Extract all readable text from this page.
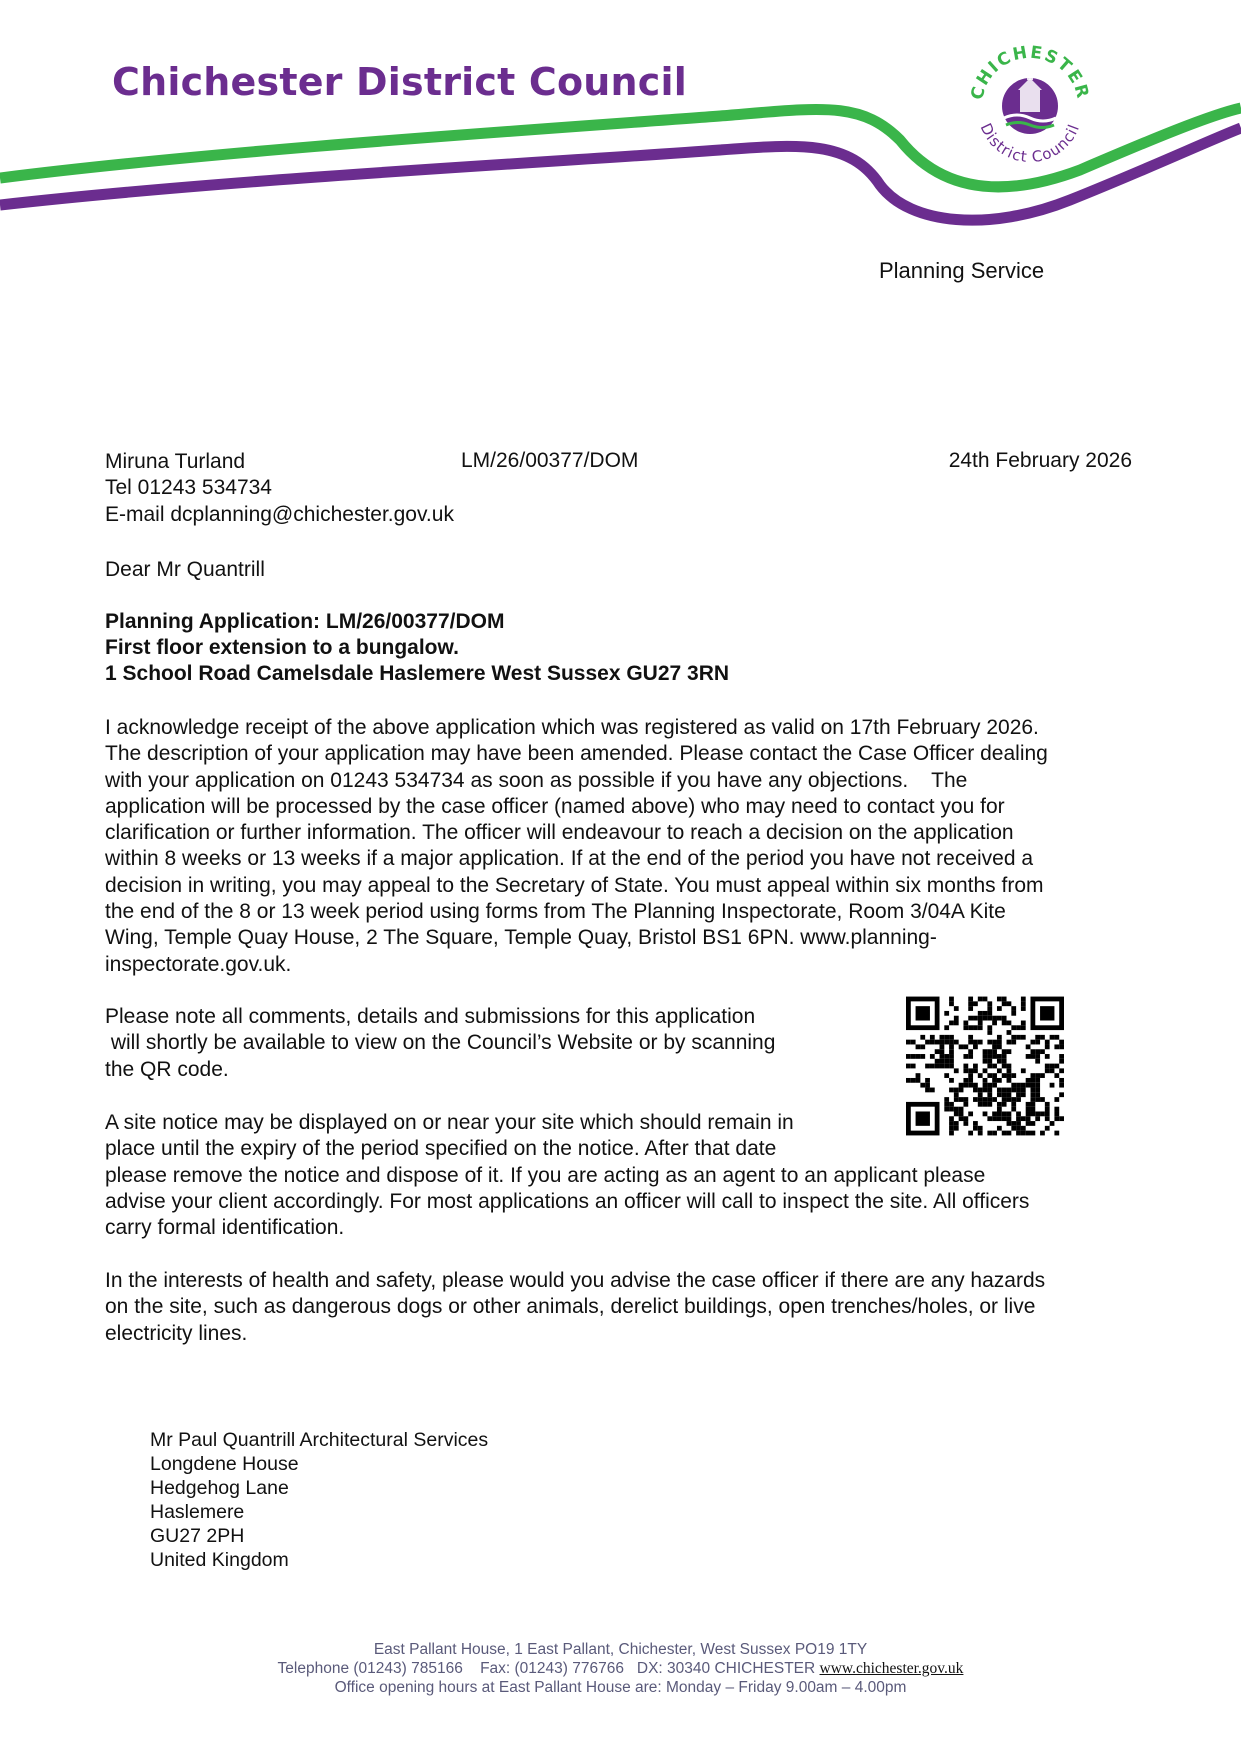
Chichester District Council	CHICHESTER
District Council
Planning Service
Miruna Turland	LM/26/00377/DOM	24th February 2026
Tel 01243 534734
E-mail dcplanning@chichester.gov.uk
Dear Mr Quantrill
Planning Application: LM/26/00377/DOM
First floor extension to a bungalow.
1 School Road Camelsdale Haslemere West Sussex GU27 3RN

I acknowledge receipt of the above application which was registered as valid on 17th February 2026.

The description of your application may have been amended. Please contact the Case Officer dealing

with your application on 01243 534734 as soon as possible if you have any objections.    The

application will be processed by the case officer (named above) who may need to contact you for

clarification or further information. The officer will endeavour to reach a decision on the application

within 8 weeks or 13 weeks if a major application. If at the end of the period you have not received a

decision in writing, you may appeal to the Secretary of State. You must appeal within six months from

the end of the 8 or 13 week period using forms from The Planning Inspectorate, Room 3/04A Kite

Wing, Temple Quay House, 2 The Square, Temple Quay, Bristol BS1 6PN. www.planning-

inspectorate.gov.uk.

Please note all comments, details and submissions for this application

will shortly be available to view on the Council’s Website or by scanning

the QR code.

A site notice may be displayed on or near your site which should remain in

place until the expiry of the period specified on the notice. After that date

please remove the notice and dispose of it. If you are acting as an agent to an applicant please

advise your client accordingly. For most applications an officer will call to inspect the site. All officers

carry formal identification.

In the interests of health and safety, please would you advise the case officer if there are any hazards

on the site, such as dangerous dogs or other animals, derelict buildings, open trenches/holes, or live

electricity lines.

Mr Paul Quantrill Architectural Services
Longdene House
Hedgehog Lane
Haslemere
GU27 2PH
United Kingdom
East Pallant House, 1 East Pallant, Chichester, West Sussex PO19 1TY
Telephone (01243) 785166    Fax: (01243) 776766   DX: 30340 CHICHESTER www.chichester.gov.uk
Office opening hours at East Pallant House are: Monday – Friday 9.00am – 4.00pm
